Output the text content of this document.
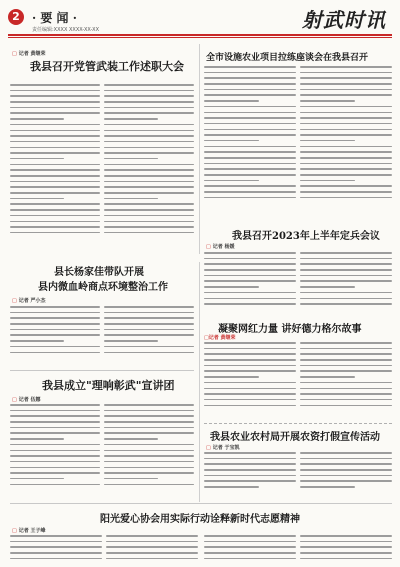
2	· 要 闻 ·
责任编辑:XXXX XXXX-XX-XX	射武时讯
□ 记者 黄继荣
我县召开党管武装工作述职大会
全市设施农业项目拉练座谈会在我县召开
我县召开2023年上半年定兵会议
□ 记者 杨媛
县长杨家佳带队开展
县内微血岭商点环境整治工作
□ 记者 严小杰
凝聚网红力量 讲好德力格尔故事
□记者 黄继荣
我县成立"理响彰武"宣讲团
□ 记者 伍娜
我县农业农村局开展农资打假宣传活动
□ 记者 于宝凯
阳光爱心协会用实际行动诠释新时代志愿精神
□ 记者 王子峰
